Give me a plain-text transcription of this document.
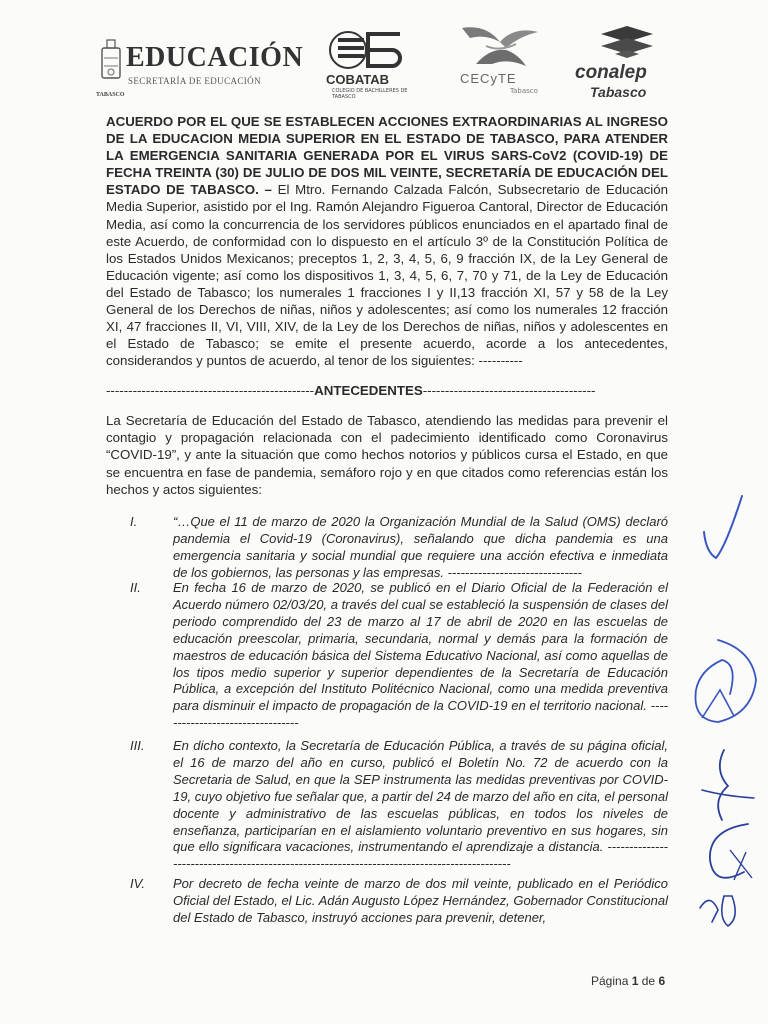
EDUCACIÓN
SECRETARÍA DE EDUCACIÓN
TABASCO
COBATAB
COLEGIO DE BACHILLERES DE TABASCO
CECyTE
Tabasco
conalep
Tabasco
ACUERDO POR EL QUE SE ESTABLECEN ACCIONES EXTRAORDINARIAS AL INGRESO DE LA EDUCACION MEDIA SUPERIOR EN EL ESTADO DE TABASCO, PARA ATENDER LA EMERGENCIA SANITARIA GENERADA POR EL VIRUS SARS-CoV2 (COVID-19) DE FECHA TREINTA (30) DE JULIO DE DOS MIL VEINTE, SECRETARÍA DE EDUCACIÓN DEL ESTADO DE TABASCO. – El Mtro. Fernando Calzada Falcón, Subsecretario de Educación Media Superior, asistido por el Ing. Ramón Alejandro Figueroa Cantoral, Director de Educación Media, así como la concurrencia de los servidores públicos enunciados en el apartado final de este Acuerdo, de conformidad con lo dispuesto en el artículo 3º de la Constitución Política de los Estados Unidos Mexicanos; preceptos 1, 2, 3, 4, 5, 6, 9 fracción IX, de la Ley General de Educación vigente; así como los dispositivos 1, 3, 4, 5, 6, 7, 70 y 71, de la Ley de Educación del Estado de Tabasco; los numerales 1 fracciones I y II,13 fracción XI, 57 y 58 de la Ley General de los Derechos de niñas, niños y adolescentes; así como los numerales 12 fracción XI, 47 fracciones II, VI, VIII, XIV, de la Ley de los Derechos de niñas, niños y adolescentes en el Estado de Tabasco; se emite el presente acuerdo, acorde a los antecedentes, considerandos y puntos de acuerdo, al tenor de los siguientes: ----------
-----------------------------------------------ANTECEDENTES---------------------------------------
La Secretaría de Educación del Estado de Tabasco, atendiendo las medidas para prevenir el contagio y propagación relacionada con el padecimiento identificado como Coronavirus “COVID-19”, y ante la situación que como hechos notorios y públicos cursa el Estado, en que se encuentra en fase de pandemia, semáforo rojo y en que citados como referencias están los hechos y actos siguientes:
I.	“…Que el 11 de marzo de 2020 la Organización Mundial de la Salud (OMS) declaró pandemia el Covid-19 (Coronavirus), señalando que dicha pandemia es una emergencia sanitaria y social mundial que requiere una acción efectiva e inmediata de los gobiernos, las personas y las empresas. -------------------------------
II.	En fecha 16 de marzo de 2020, se publicó en el Diario Oficial de la Federación el Acuerdo número 02/03/20, a través del cual se estableció la suspensión de clases del periodo comprendido del 23 de marzo al 17 de abril de 2020 en las escuelas de educación preescolar, primaria, secundaria, normal y demás para la formación de maestros de educación básica del Sistema Educativo Nacional, así como aquellas de los tipos medio superior y superior dependientes de la Secretaría de Educación Pública, a excepción del Instituto Politécnico Nacional, como una medida preventiva para disminuir el impacto de propagación de la COVID-19 en el territorio nacional. ---------------------------------
III.	En dicho contexto, la Secretaría de Educación Pública, a través de su página oficial, el 16 de marzo del año en curso, publicó el Boletín No. 72 de acuerdo con la Secretaria de Salud, en que la SEP instrumenta las medidas preventivas por COVID-19, cuyo objetivo fue señalar que, a partir del 24 de marzo del año en cita, el personal docente y administrativo de las escuelas públicas, en todos los niveles de enseñanza, participarían en el aislamiento voluntario preventivo en sus hogares, sin que ello significara vacaciones, instrumentando el aprendizaje a distancia. --------------------------------------------------------------------------------------------
IV.	Por decreto de fecha veinte de marzo de dos mil veinte, publicado en el Periódico Oficial del Estado, el Lic. Adán Augusto López Hernández, Gobernador Constitucional del Estado de Tabasco, instruyó acciones para prevenir, detener,
Página 1 de 6
